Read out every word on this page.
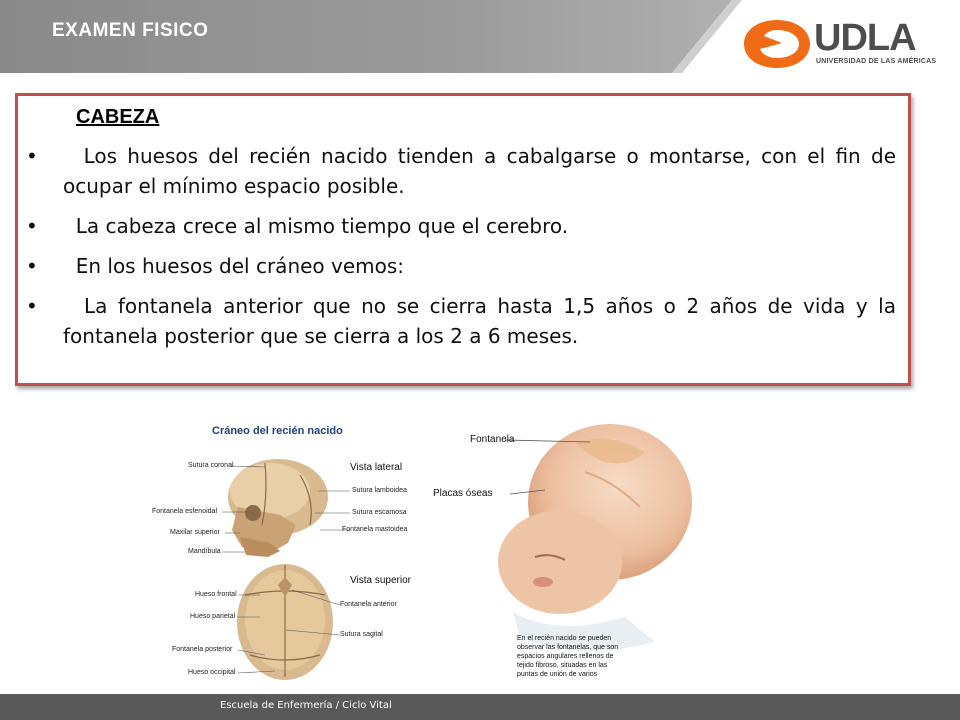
EXAMEN FISICO	UDLA
UNIVERSIDAD DE LAS AMÉRICAS
CABEZA
• Los huesos del recién nacido tienden a cabalgarse o montarse, con el fin de ocupar el mínimo espacio posible.
• La cabeza crece al mismo tiempo que el cerebro.
• En los huesos del cráneo vemos:
• La fontanela anterior que no se cierra hasta 1,5 años o 2 años de vida y la fontanela posterior que se cierra a los 2 a 6 meses.
Cráneo del recién nacido
Vista lateral
Vista superior
Sutura coronal
Sutura lamboidea
Fontanela esfenoidal	Sutura escamosa
Maxilar superior	Fontanela mastoidea
Mandíbula
Hueso frontal
Fontanela anterior
Hueso parietal
Sutura sagital
Fontanela posterior
Hueso occipital
Fontanela
Placas óseas
En el recién nacido se pueden observar las fontanelas, que son espacios angulares rellenos de tejido fibroso, situadas en las puntas de unión de varios
Escuela de Enfermería / Ciclo Vital
